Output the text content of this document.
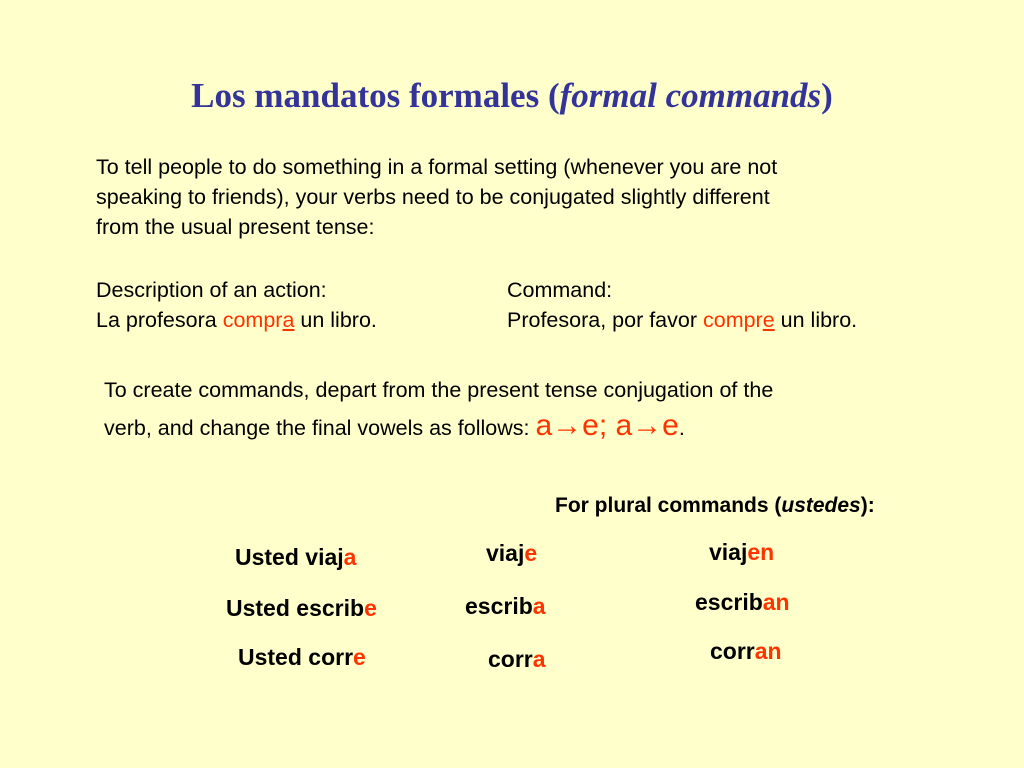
Los mandatos formales (formal commands)
To tell people to do something in a formal setting (whenever you are not
speaking to friends), your verbs need to be conjugated slightly different
from the usual present tense:
Description of an action:
La profesora compra un libro.
Command:
Profesora, por favor compre un libro.
To create commands, depart from the present tense conjugation of the
verb, and change the final vowels as follows: a→e; a→e.
For plural commands (ustedes):
Usted viaja	viaje	viajen
Usted escribe	escriba	escriban
Usted corre	corra	corran
